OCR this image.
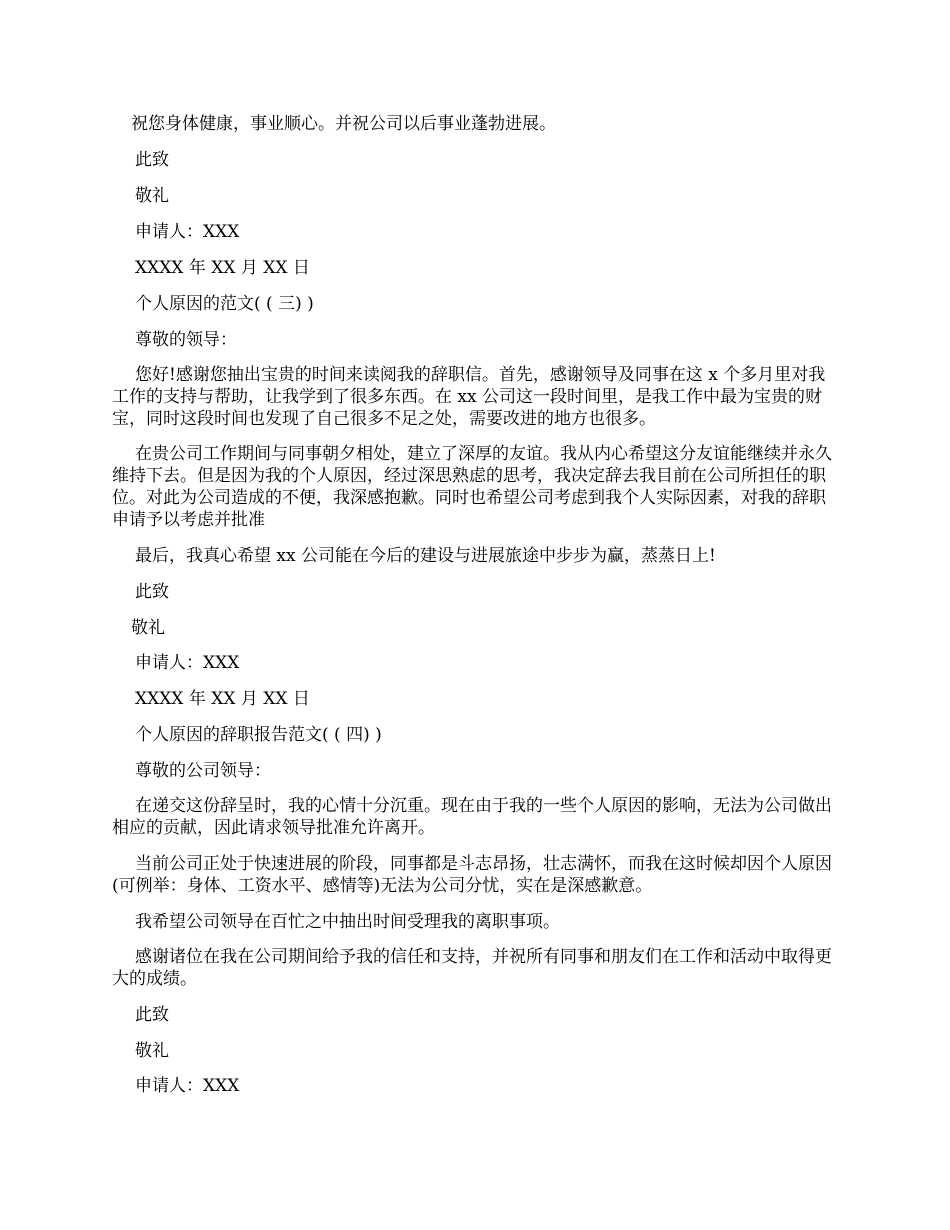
祝您身体健康，事业顺心。并祝公司以后事业蓬勃进展。
此致
敬礼
申请人：XXX
XXXX 年 XX 月 XX 日
个人原因的范文( ( 三) )
尊敬的领导：
您好!感谢您抽出宝贵的时间来读阅我的辞职信。首先，感谢领导及同事在这 x 个多月里对我工作的支持与帮助，让我学到了很多东西。在 xx 公司这一段时间里，是我工作中最为宝贵的财宝，同时这段时间也发现了自己很多不足之处，需要改进的地方也很多。
在贵公司工作期间与同事朝夕相处，建立了深厚的友谊。我从内心希望这分友谊能继续并永久维持下去。但是因为我的个人原因，经过深思熟虑的思考，我决定辞去我目前在公司所担任的职位。对此为公司造成的不便，我深感抱歉。同时也希望公司考虑到我个人实际因素，对我的辞职申请予以考虑并批准
最后，我真心希望 xx 公司能在今后的建设与进展旅途中步步为赢，蒸蒸日上!
此致
敬礼
申请人：XXX
XXXX 年 XX 月 XX 日
个人原因的辞职报告范文( ( 四) )
尊敬的公司领导：
在递交这份辞呈时，我的心情十分沉重。现在由于我的一些个人原因的影响，无法为公司做出相应的贡献，因此请求领导批准允许离开。
当前公司正处于快速进展的阶段，同事都是斗志昂扬，壮志满怀，而我在这时候却因个人原因(可例举：身体、工资水平、感情等)无法为公司分忧，实在是深感歉意。
我希望公司领导在百忙之中抽出时间受理我的离职事项。
感谢诸位在我在公司期间给予我的信任和支持，并祝所有同事和朋友们在工作和活动中取得更大的成绩。
此致
敬礼
申请人：XXX
